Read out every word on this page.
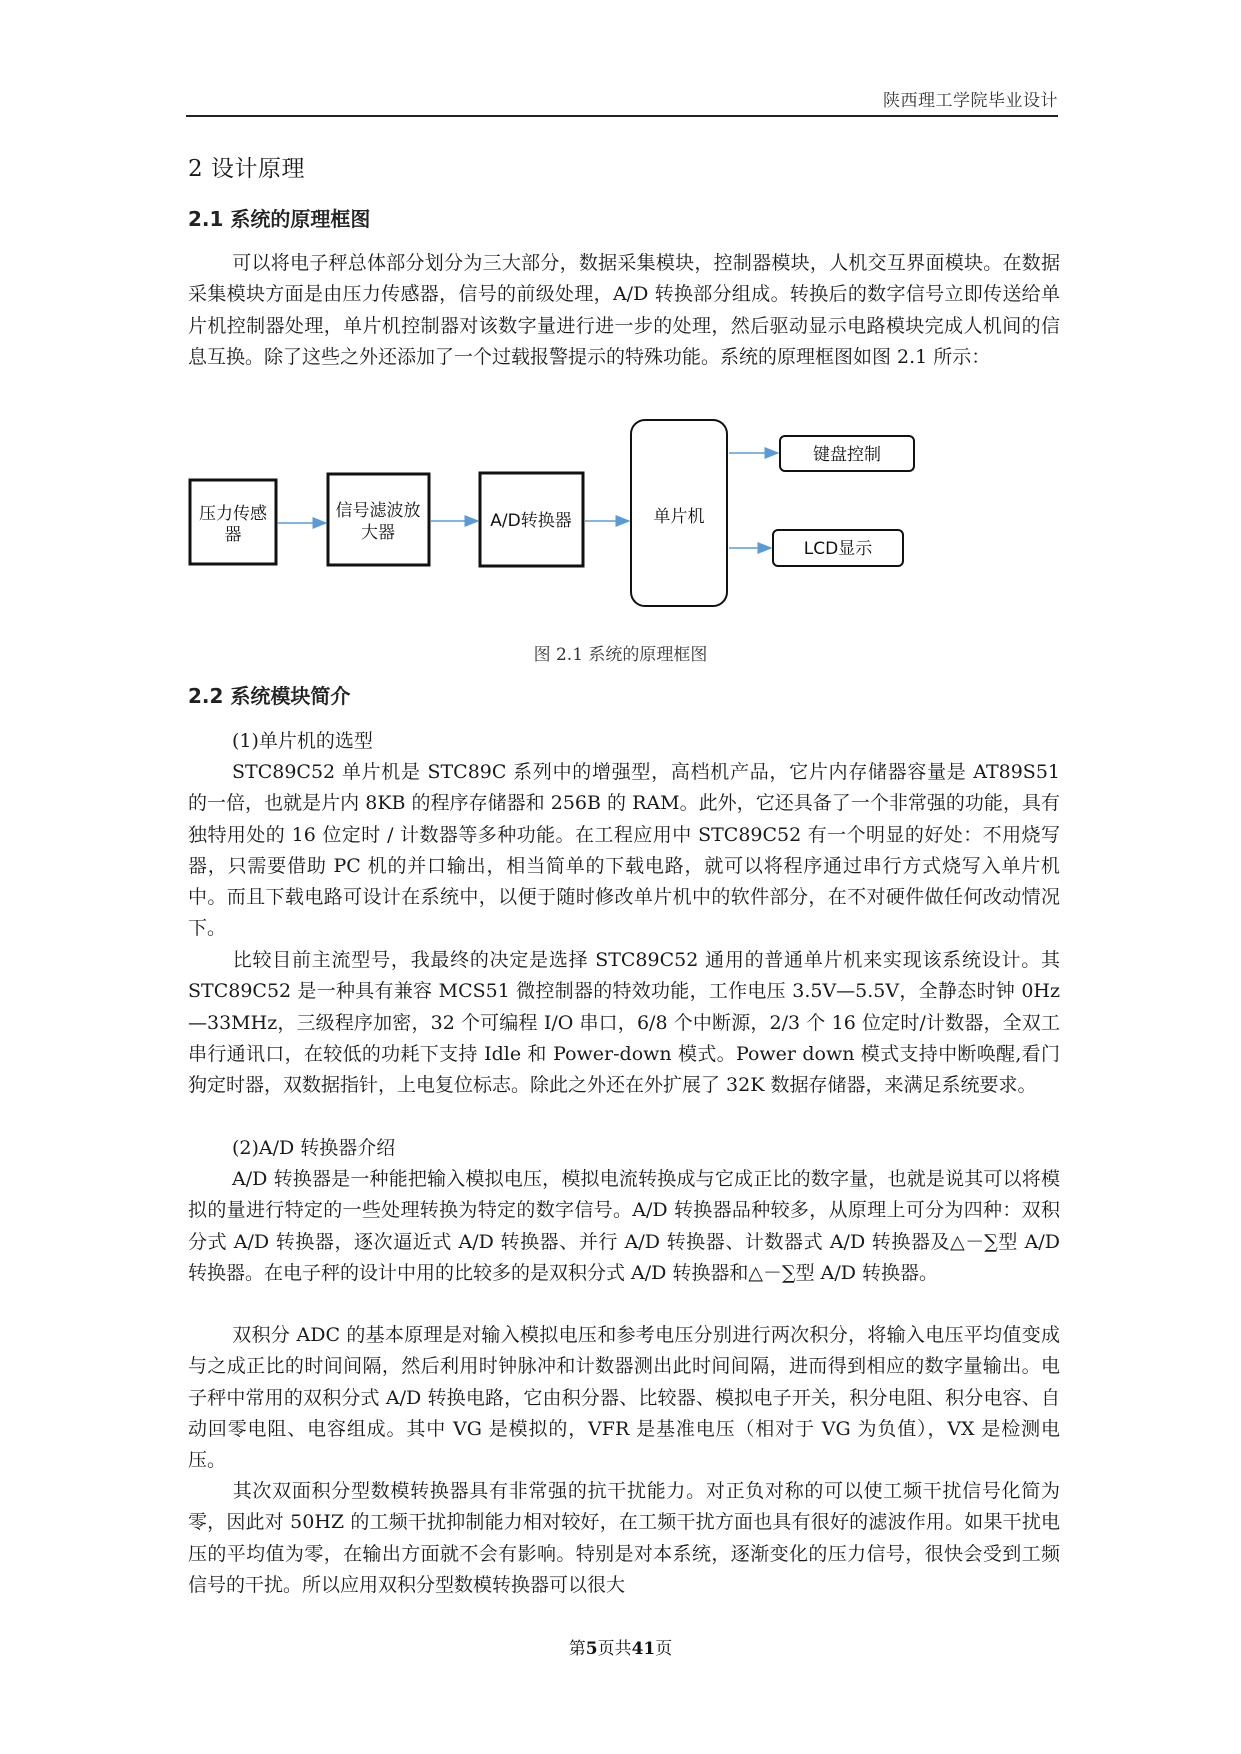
陕西理工学院毕业设计
2 设计原理
2.1 系统的原理框图
可以将电子秤总体部分划分为三大部分，数据采集模块，控制器模块，人机交互界面模块。在数据采集模块方面是由压力传感器，信号的前级处理，A/D 转换部分组成。转换后的数字信号立即传送给单片机控制器处理，单片机控制器对该数字量进行进一步的处理，然后驱动显示电路模块完成人机间的信息互换。除了这些之外还添加了一个过载报警提示的特殊功能。系统的原理框图如图 2.1 所示：
压力传感
器
信号滤波放
大器
A/D转换器	单片机
键盘控制
LCD显示
图 2.1 系统的原理框图
2.2 系统模块简介
(1)单片机的选型
STC89C52 单片机是 STC89C 系列中的增强型，高档机产品，它片内存储器容量是 AT89S51 的一倍，也就是片内 8KB 的程序存储器和 256B 的 RAM。此外，它还具备了一个非常强的功能，具有独特用处的 16 位定时 / 计数器等多种功能。在工程应用中 STC89C52 有一个明显的好处：不用烧写器，只需要借助 PC 机的并口输出，相当简单的下载电路，就可以将程序通过串行方式烧写入单片机中。而且下载电路可设计在系统中，以便于随时修改单片机中的软件部分，在不对硬件做任何改动情况下。
比较目前主流型号，我最终的决定是选择 STC89C52 通用的普通单片机来实现该系统设计。其 STC89C52 是一种具有兼容 MCS51 微控制器的特效功能，工作电压 3.5V—5.5V，全静态时钟 0Hz—33MHz，三级程序加密，32 个可编程 I/O 串口，6/8 个中断源，2/3 个 16 位定时/计数器，全双工串行通讯口，在较低的功耗下支持 Idle 和 Power-down 模式。Power down 模式支持中断唤醒,看门狗定时器，双数据指针，上电复位标志。除此之外还在外扩展了 32K 数据存储器，来满足系统要求。
(2)A/D 转换器介绍
A/D 转换器是一种能把输入模拟电压，模拟电流转换成与它成正比的数字量，也就是说其可以将模拟的量进行特定的一些处理转换为特定的数字信号。A/D 转换器品种较多，从原理上可分为四种：双积分式 A/D 转换器，逐次逼近式 A/D 转换器、并行 A/D 转换器、计数器式 A/D 转换器及△－∑型 A/D 转换器。在电子秤的设计中用的比较多的是双积分式 A/D 转换器和△－∑型 A/D 转换器。
双积分 ADC 的基本原理是对输入模拟电压和参考电压分别进行两次积分，将输入电压平均值变成与之成正比的时间间隔，然后利用时钟脉冲和计数器测出此时间间隔，进而得到相应的数字量输出。电子秤中常用的双积分式 A/D 转换电路，它由积分器、比较器、模拟电子开关，积分电阻、积分电容、自动回零电阻、电容组成。其中 VG 是模拟的，VFR 是基准电压（相对于 VG 为负值），VX 是检测电压。
其次双面积分型数模转换器具有非常强的抗干扰能力。对正负对称的可以使工频干扰信号化简为零，因此对 50HZ 的工频干扰抑制能力相对较好，在工频干扰方面也具有很好的滤波作用。如果干扰电压的平均值为零，在输出方面就不会有影响。特别是对本系统，逐渐变化的压力信号，很快会受到工频信号的干扰。所以应用双积分型数模转换器可以很大
第5页共41页
